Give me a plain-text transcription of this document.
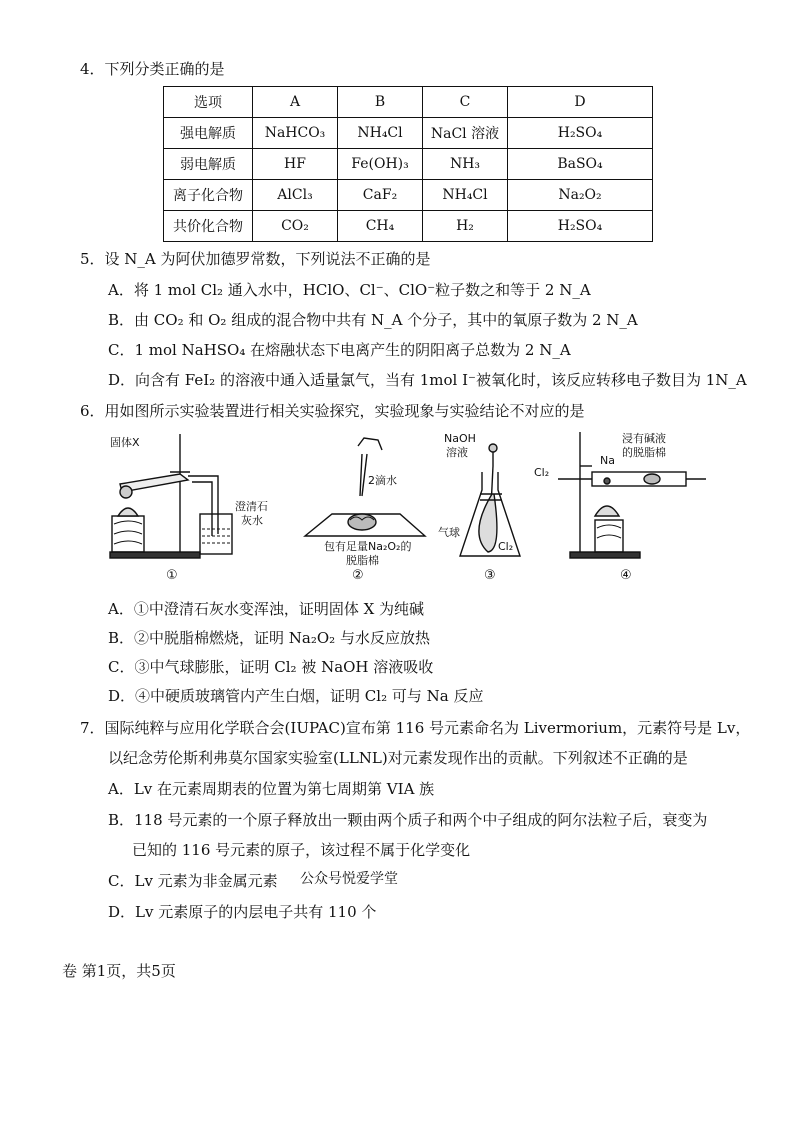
4．下列分类正确的是
选项	A	B	C	D
强电解质	NaHCO₃	NH₄Cl	NaCl 溶液	H₂SO₄
弱电解质	HF	Fe(OH)₃	NH₃	BaSO₄
离子化合物	AlCl₃	CaF₂	NH₄Cl	Na₂O₂
共价化合物	CO₂	CH₄	H₂	H₂SO₄
5．设 N_A 为阿伏加德罗常数，下列说法不正确的是
A．将 1 mol Cl₂ 通入水中，HClO、Cl⁻、ClO⁻粒子数之和等于 2 N_A
B．由 CO₂ 和 O₂ 组成的混合物中共有 N_A 个分子，其中的氧原子数为 2 N_A
C．1 mol NaHSO₄ 在熔融状态下电离产生的阴阳离子总数为 2 N_A
D．向含有 FeI₂ 的溶液中通入适量氯气，当有 1mol I⁻被氧化时，该反应转移电子数目为 1N_A
6．用如图所示实验装置进行相关实验探究，实验现象与实验结论不对应的是
固体X
澄清石
灰水
2滴水
包有足量Na₂O₂的
脱脂棉
NaOH
溶液
气球
Cl₂
Cl₂
Na
浸有碱液
的脱脂棉
①	②	③	④
A．①中澄清石灰水变浑浊，证明固体 X 为纯碱
B．②中脱脂棉燃烧，证明 Na₂O₂ 与水反应放热
C．③中气球膨胀，证明 Cl₂ 被 NaOH 溶液吸收
D．④中硬质玻璃管内产生白烟，证明 Cl₂ 可与 Na 反应
7．国际纯粹与应用化学联合会(IUPAC)宣布第 116 号元素命名为 Livermorium，元素符号是 Lv，
以纪念劳伦斯利弗莫尔国家实验室(LLNL)对元素发现作出的贡献。下列叙述不正确的是
A．Lv 在元素周期表的位置为第七周期第 VIA 族
B．118 号元素的一个原子释放出一颗由两个质子和两个中子组成的阿尔法粒子后，衰变为
已知的 116 号元素的原子，该过程不属于化学变化
C．Lv 元素为非金属元素 公众号悦爱学堂
D．Lv 元素原子的内层电子共有 110 个
卷 第1页，共5页
